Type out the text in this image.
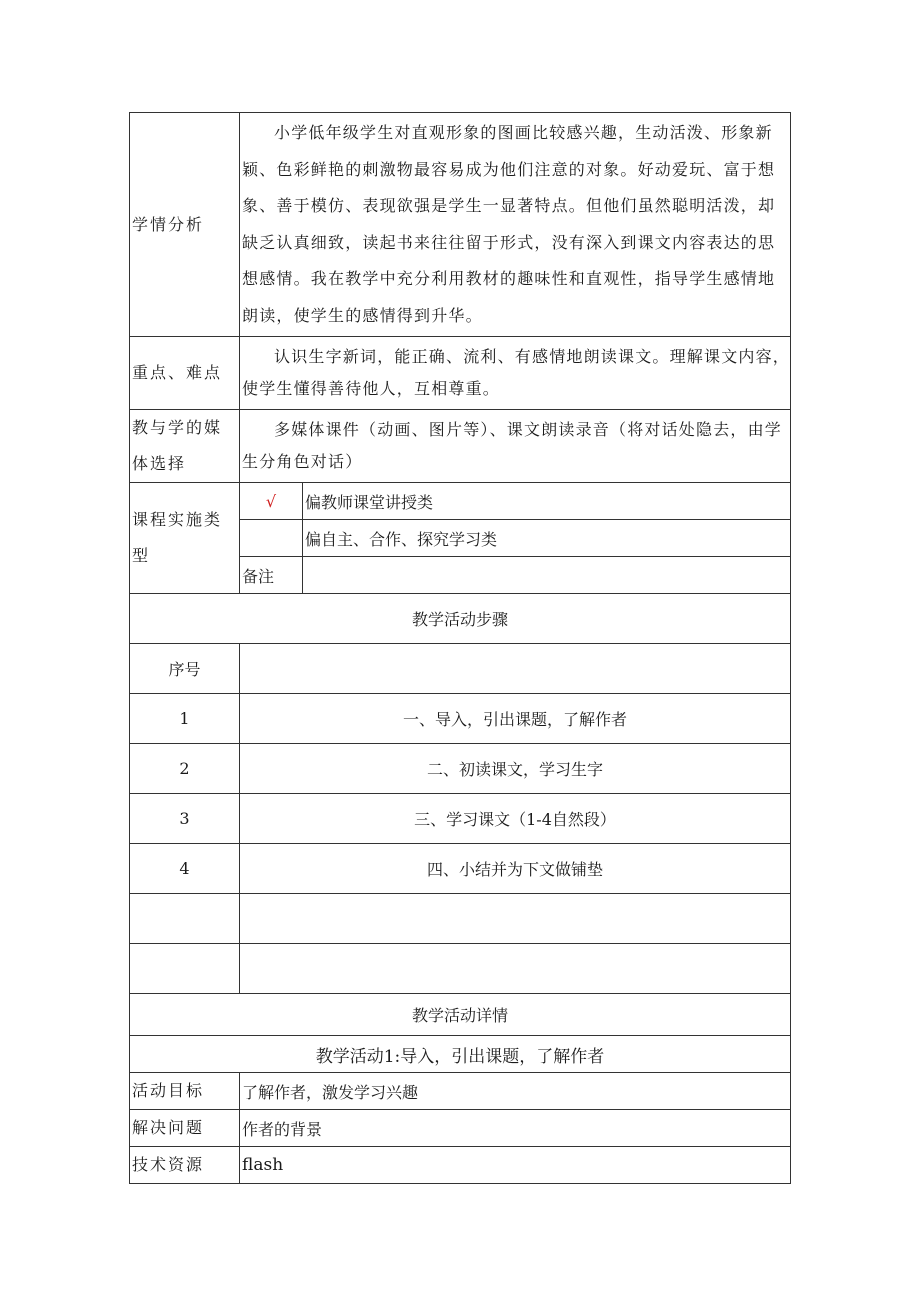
学情分析	小学低年级学生对直观形象的图画比较感兴趣，生动活泼、形象新颖、色彩鲜艳的刺激物最容易成为他们注意的对象。好动爱玩、富于想象、善于模仿、表现欲强是学生一显著特点。但他们虽然聪明活泼，却缺乏认真细致，读起书来往往留于形式，没有深入到课文内容表达的思想感情。我在教学中充分利用教材的趣味性和直观性，指导学生感情地朗读，使学生的感情得到升华。	
重点、难点	认识生字新词，能正确、流利、有感情地朗读课文。理解课文内容，使学生懂得善待他人，互相尊重。	
教与学的媒体选择	多媒体课件（动画、图片等）、课文朗读录音（将对话处隐去，由学生分角色对话）	
课程实施类型	√	偏教师课堂讲授类
		偏自主、合作、探究学习类
	备注	
教学活动步骤		
序号		
1	一、导入，引出课题，了解作者	
2	二、初读课文，学习生字	
3	三、学习课文（1-4自然段）	
4	四、小结并为下文做铺垫	

教学活动详情		
教学活动1:导入，引出课题，了解作者		
活动目标	了解作者，激发学习兴趣	
解决问题	作者的背景	
技术资源	flash	
